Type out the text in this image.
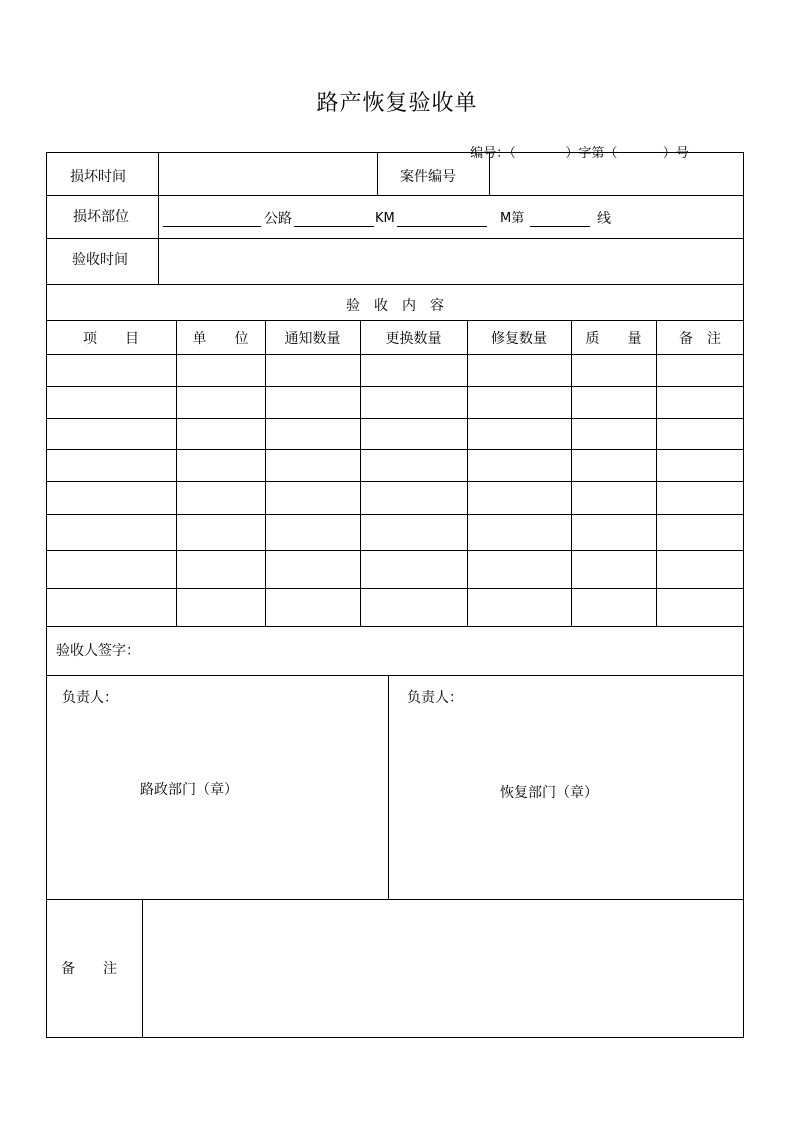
路产恢复验收单

编号：（	）字第（	）号

损坏时间	案件编号
损坏部位	公路	KM	M第	线
验收时间
验　收　内　容
项　　目	单　　位	通知数量	更换数量	修复数量	质　　量	备　注
验收人签字：
负责人：
路政部门（章）
负责人：
恢复部门（章）
备　　注
